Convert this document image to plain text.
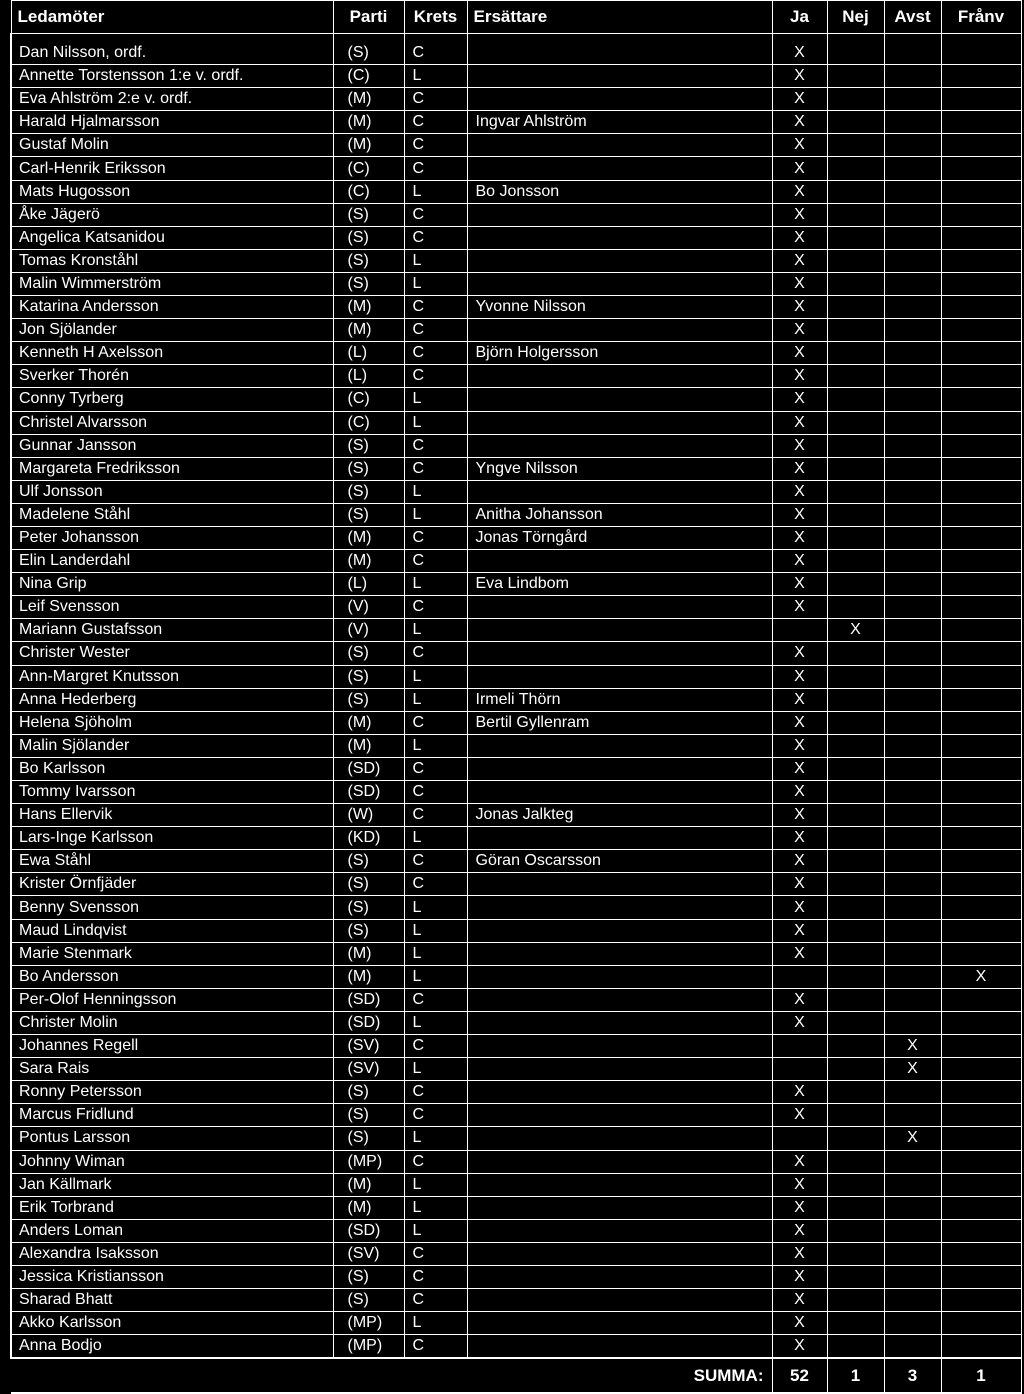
Ledamöter	Parti	Krets	Ersättare	Ja	Nej	Avst	Frånv

Dan Nilsson, ordf.	(S)	C		X			
Annette Torstensson 1:e v. ordf.	(C)	L		X			
Eva Ahlström 2:e v. ordf.	(M)	C		X			
Harald Hjalmarsson	(M)	C	Ingvar Ahlström	X			
Gustaf Molin	(M)	C		X			
Carl-Henrik Eriksson	(C)	C		X			
Mats Hugosson	(C)	L	Bo Jonsson	X			
Åke Jägerö	(S)	C		X			
Angelica Katsanidou	(S)	C		X			
Tomas Kronståhl	(S)	L		X			
Malin Wimmerström	(S)	L		X			
Katarina Andersson	(M)	C	Yvonne Nilsson	X			
Jon Sjölander	(M)	C		X			
Kenneth H Axelsson	(L)	C	Björn Holgersson	X			
Sverker Thorén	(L)	C		X			
Conny Tyrberg	(C)	L		X			
Christel Alvarsson	(C)	L		X			
Gunnar Jansson	(S)	C		X			
Margareta Fredriksson	(S)	C	Yngve Nilsson	X			
Ulf Jonsson	(S)	L		X			
Madelene Ståhl	(S)	L	Anitha Johansson	X			
Peter Johansson	(M)	C	Jonas Törngård	X			
Elin Landerdahl	(M)	C		X			
Nina Grip	(L)	L	Eva Lindbom	X			
Leif Svensson	(V)	C		X			
Mariann Gustafsson	(V)	L			X		
Christer Wester	(S)	C		X			
Ann-Margret Knutsson	(S)	L		X			
Anna Hederberg	(S)	L	Irmeli Thörn	X			
Helena Sjöholm	(M)	C	Bertil Gyllenram	X			
Malin Sjölander	(M)	L		X			
Bo Karlsson	(SD)	C		X			
Tommy Ivarsson	(SD)	C		X			
Hans Ellervik	(W)	C	Jonas Jalkteg	X			
Lars-Inge Karlsson	(KD)	L		X			
Ewa Ståhl	(S)	C	Göran Oscarsson	X			
Krister Örnfjäder	(S)	C		X			
Benny Svensson	(S)	L		X			
Maud Lindqvist	(S)	L		X			
Marie Stenmark	(M)	L		X			
Bo Andersson	(M)	L					X
Per-Olof Henningsson	(SD)	C		X			
Christer Molin	(SD)	L		X			
Johannes Regell	(SV)	C				X	
Sara Rais	(SV)	L				X	
Ronny Petersson	(S)	C		X			
Marcus Fridlund	(S)	C		X			
Pontus Larsson	(S)	L				X	
Johnny Wiman	(MP)	C		X			
Jan Källmark	(M)	L		X			
Erik Torbrand	(M)	L		X			
Anders Loman	(SD)	L		X			
Alexandra Isaksson	(SV)	C		X			
Jessica Kristiansson	(S)	C		X			
Sharad Bhatt	(S)	C		X			
Akko Karlsson	(MP)	L		X			
Anna Bodjo	(MP)	C		X			
SUMMA:				52	1	3	1
